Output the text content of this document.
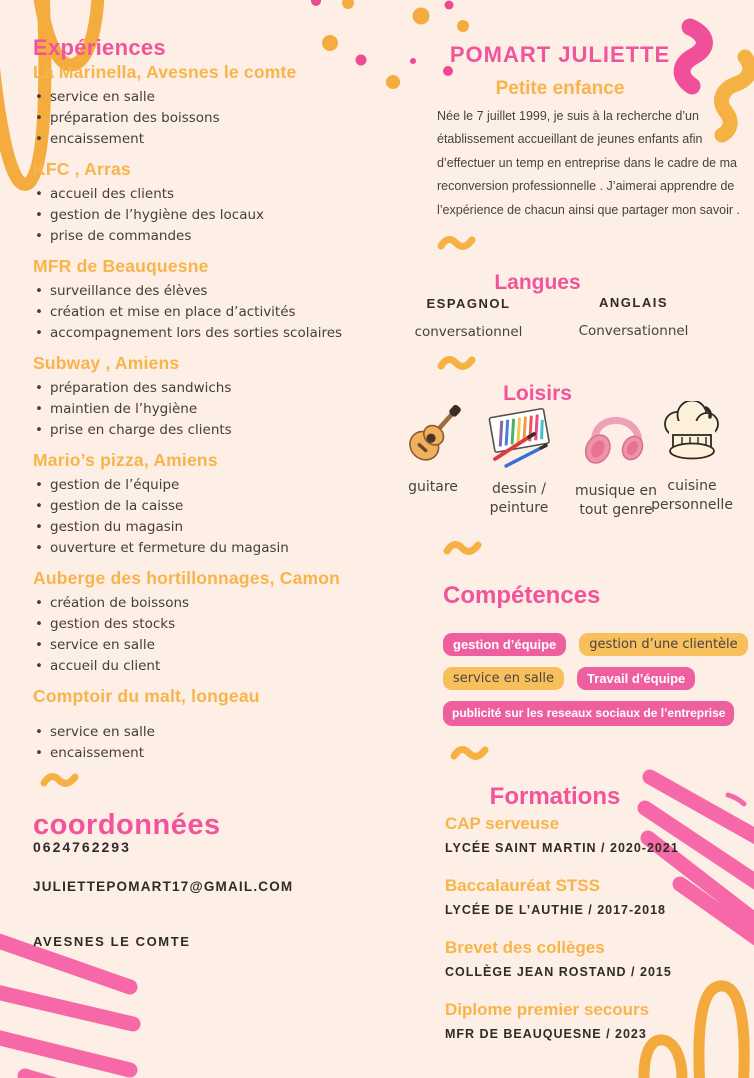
Expériences
La Marinella, Avesnes le comte
• service en salle
• préparation des boissons
• encaissement
KFC , Arras
• accueil des clients
• gestion de l’hygiène des locaux
• prise de commandes
MFR de Beauquesne
• surveillance des élèves
• création et mise en place d’activités
• accompagnement lors des sorties scolaires
Subway , Amiens
• préparation des sandwichs
• maintien de l’hygiène
• prise en charge des clients
Mario’s pizza, Amiens
• gestion de l’équipe
• gestion de la caisse
• gestion du magasin
• ouverture et fermeture du magasin
Auberge des hortillonnages, Camon
• création de boissons
• gestion des stocks
• service en salle
• accueil du client
Comptoir du malt, longeau
• service en salle
• encaissement
coordonnées
0624762293
JULIETTEPOMART17@GMAIL.COM
AVESNES LE COMTE
POMART JULIETTE
Petite enfance

Née le 7 juillet 1999, je suis à la recherche d’un établissement accueillant de jeunes enfants afin d’effectuer un temp en entreprise dans le cadre de ma reconversion professionnelle . J’aimerai apprendre de l’expérience de chacun ainsi que partager mon savoir .

Langues
ESPAGNOL
conversationnel
ANGLAIS
Conversationnel
Loisirs
guitare	dessin / peinture
musique en tout genre
cuisine personnelle
Compétences
gestion d’équipe	gestion d’une clientèle
service en salle	Travail d’équipe
publicité sur les reseaux sociaux de l’entreprise
Formations
CAP serveuse
LYCÉE SAINT MARTIN / 2020-2021
Baccalauréat STSS
LYCÉE DE L’AUTHIE / 2017-2018
Brevet des collèges
COLLÈGE JEAN ROSTAND / 2015
Diplome premier secours
MFR DE BEAUQUESNE / 2023
